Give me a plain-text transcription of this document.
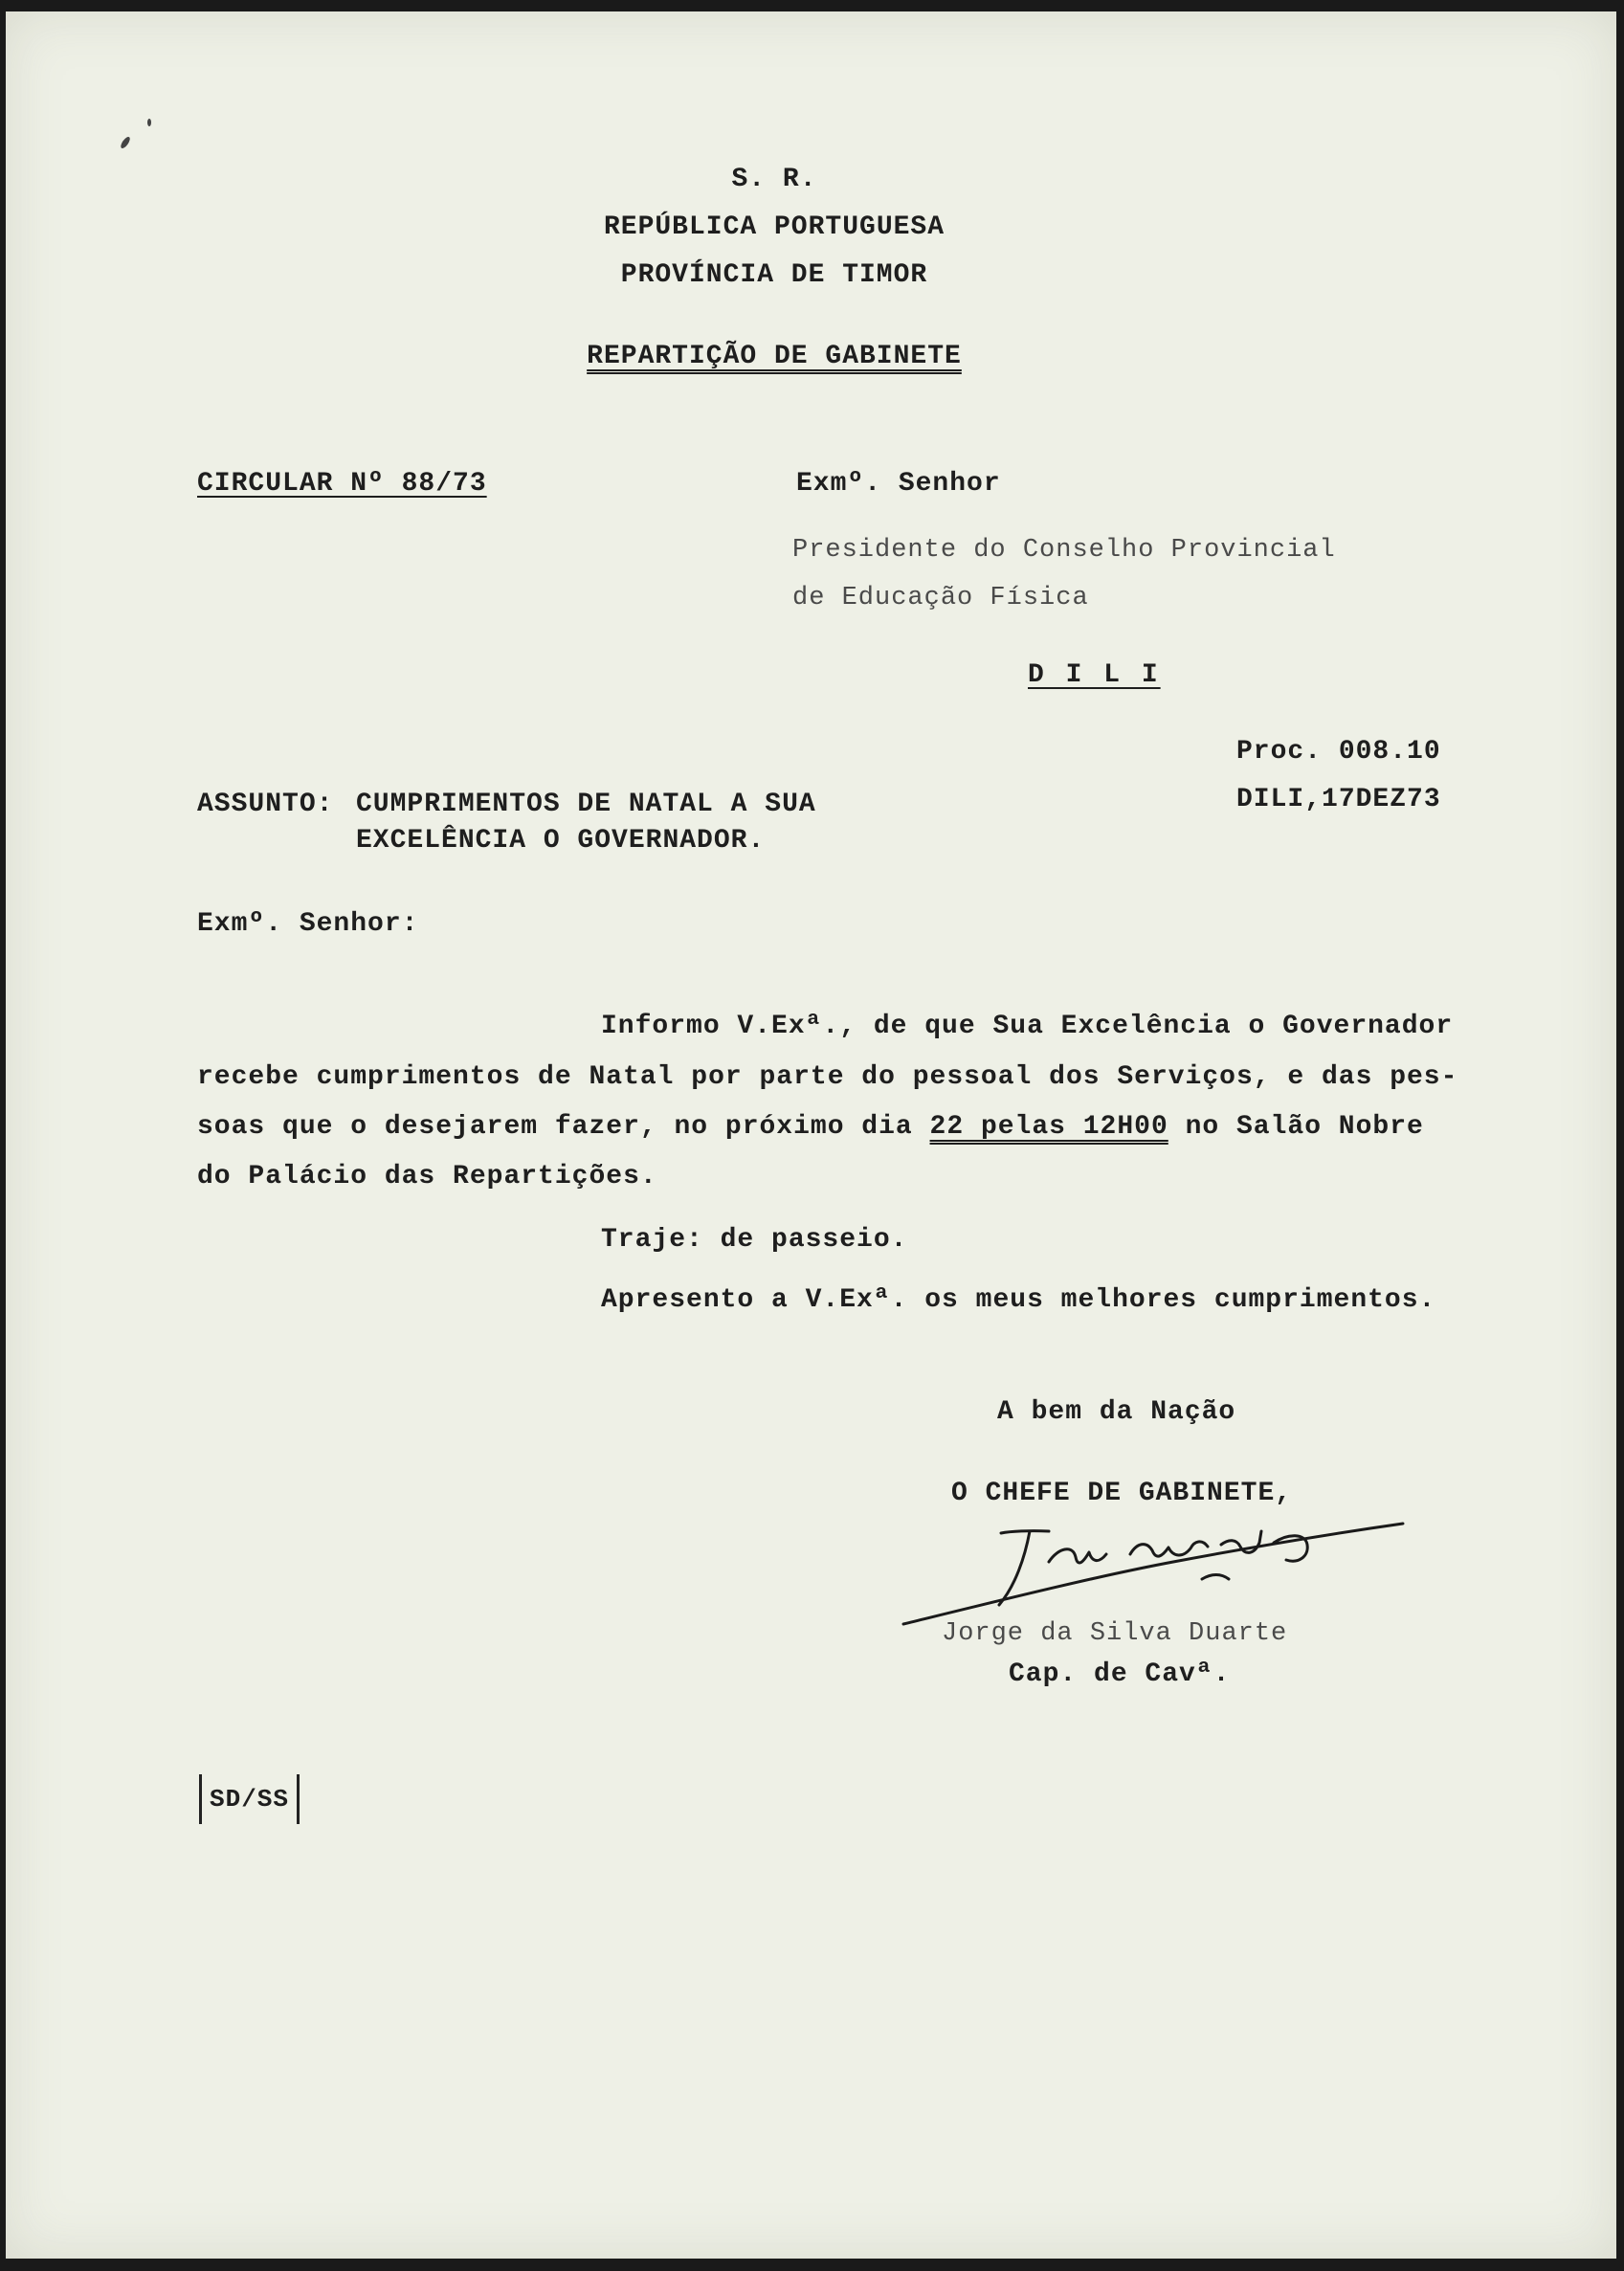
S. R.
REPÚBLICA PORTUGUESA
PROVÍNCIA DE TIMOR
REPARTIÇÃO DE GABINETE
CIRCULAR Nº 88/73	Exmº. Senhor
Presidente do Conselho Provincial
de Educação Física
D I L I
Proc. 008.10
DILI,17DEZ73
ASSUNTO: CUMPRIMENTOS DE NATAL A SUA
EXCELÊNCIA O GOVERNADOR.
Exmº. Senhor:
Informo V.Exª., de que Sua Excelência o Governador
recebe cumprimentos de Natal por parte do pessoal dos Serviços, e das pes-
soas que o desejarem fazer, no próximo dia 22 pelas 12H00 no Salão Nobre
do Palácio das Repartições.
Traje: de passeio.
Apresento a V.Exª. os meus melhores cumprimentos.
A bem da Nação
O CHEFE DE GABINETE,
Jorge da Silva Duarte
Cap. de Cavª.
SD/SS
